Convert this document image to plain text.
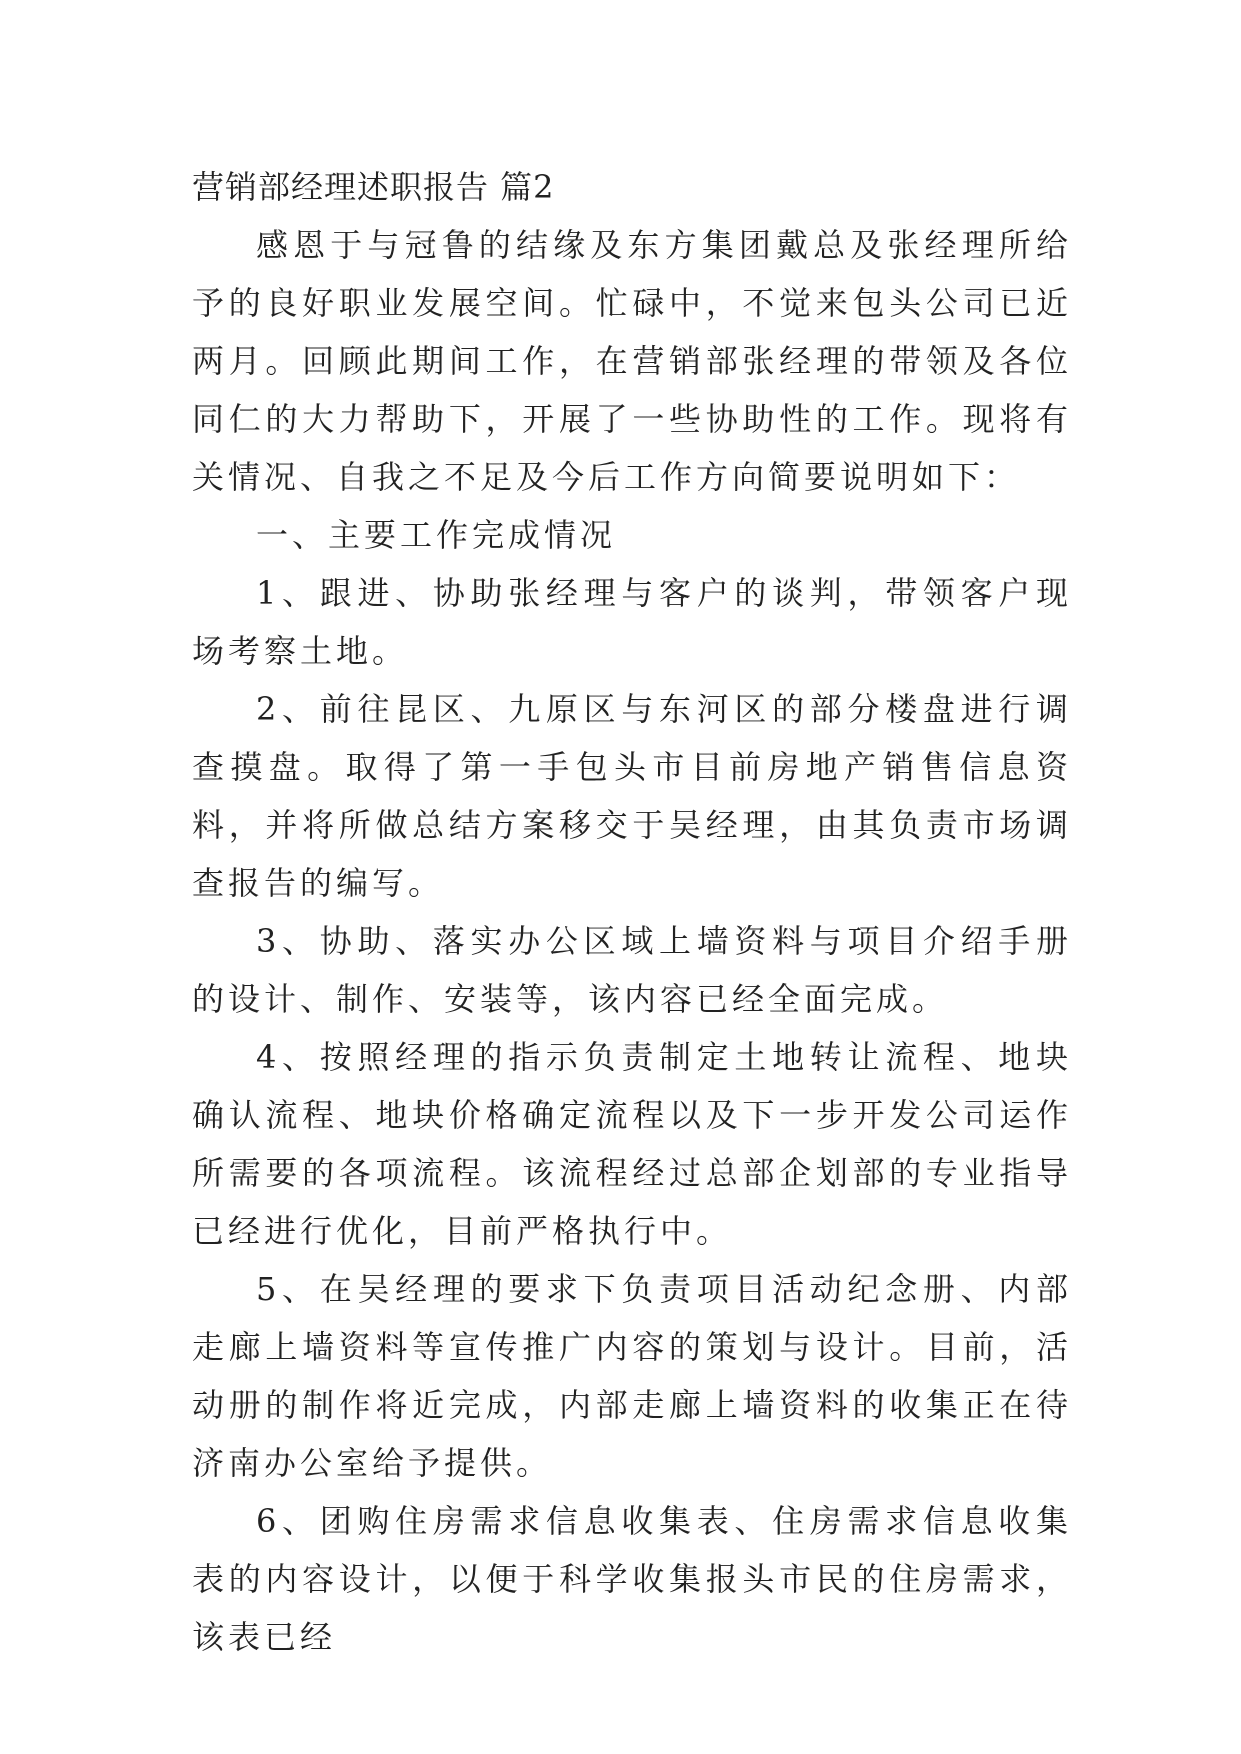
营销部经理述职报告 篇2

感恩于与冠鲁的结缘及东方集团戴总及张经理所给予的良好职业发展空间。忙碌中，不觉来包头公司已近两月。回顾此期间工作，在营销部张经理的带领及各位同仁的大力帮助下，开展了一些协助性的工作。现将有关情况、自我之不足及今后工作方向简要说明如下：

一、主要工作完成情况

1、跟进、协助张经理与客户的谈判，带领客户现场考察土地。

2、前往昆区、九原区与东河区的部分楼盘进行调查摸盘。取得了第一手包头市目前房地产销售信息资料，并将所做总结方案移交于吴经理，由其负责市场调查报告的编写。

3、协助、落实办公区域上墙资料与项目介绍手册的设计、制作、安装等，该内容已经全面完成。

4、按照经理的指示负责制定土地转让流程、地块确认流程、地块价格确定流程以及下一步开发公司运作所需要的各项流程。该流程经过总部企划部的专业指导已经进行优化，目前严格执行中。

5、在吴经理的要求下负责项目活动纪念册、内部走廊上墙资料等宣传推广内容的策划与设计。目前，活动册的制作将近完成，内部走廊上墙资料的收集正在待济南办公室给予提供。

6、团购住房需求信息收集表、住房需求信息收集表的内容设计，以便于科学收集报头市民的住房需求，该表已经
